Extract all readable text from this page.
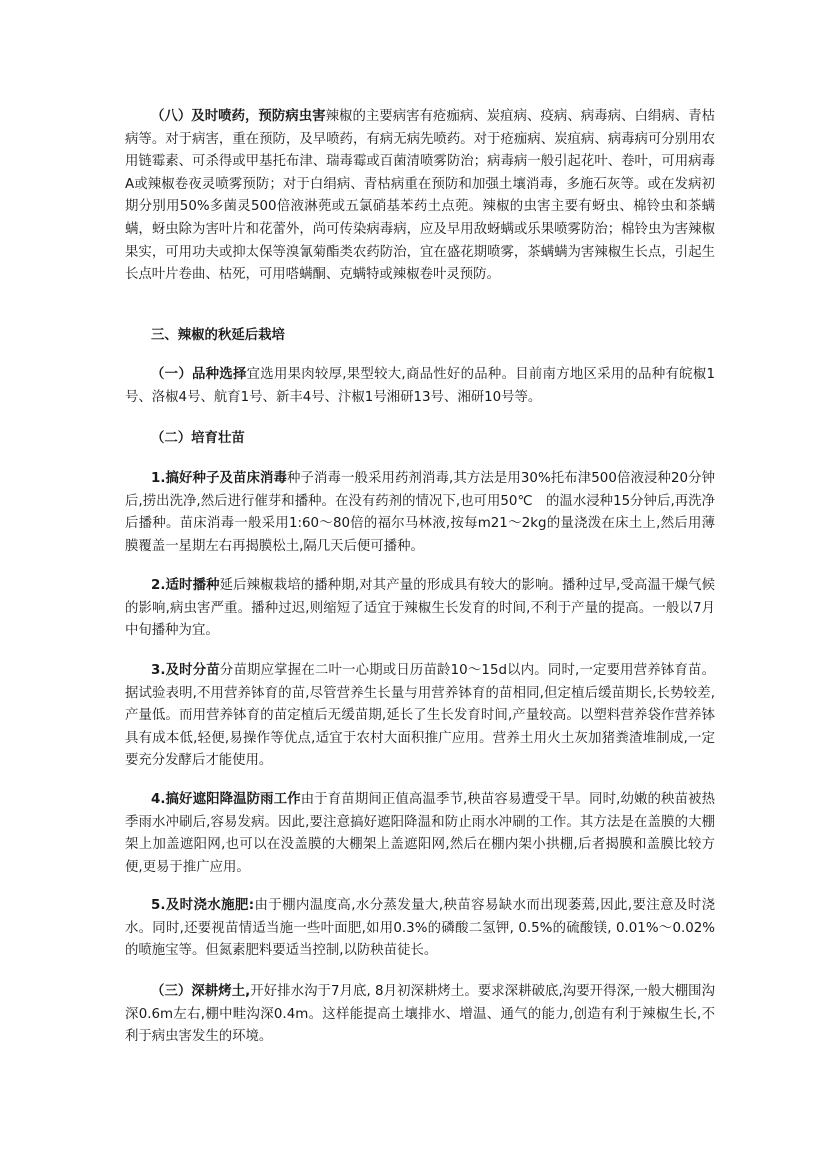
（八）及时喷药，预防病虫害辣椒的主要病害有疮痂病、炭疽病、疫病、病毒病、白绢病、青枯病等。对于病害，重在预防，及早喷药，有病无病先喷药。对于疮痂病、炭疽病、病毒病可分别用农用链霉素、可杀得或甲基托布津、瑞毒霉或百菌清喷雾防治；病毒病一般引起花叶、卷叶，可用病毒A或辣椒卷夜灵喷雾预防；对于白绢病、青枯病重在预防和加强土壤消毒，多施石灰等。或在发病初期分别用50%多菌灵500倍液淋蔸或五氯硝基苯药土点蔸。辣椒的虫害主要有蚜虫、棉铃虫和茶螨螨，蚜虫除为害叶片和花蕾外，尚可传染病毒病，应及早用敌蚜螨或乐果喷雾防治；棉铃虫为害辣椒果实，可用功夫或抑太保等溴氰菊酯类农药防治，宜在盛花期喷雾，茶螨螨为害辣椒生长点，引起生长点叶片卷曲、枯死，可用嗒螨酮、克螨特或辣椒卷叶灵预防。

三、辣椒的秋延后栽培

（一）品种选择宜选用果肉较厚,果型较大,商品性好的品种。目前南方地区采用的品种有皖椒1号、洛椒4号、航育1号、新丰4号、汴椒1号湘研13号、湘研10号等。

（二）培育壮苗

1.搞好种子及苗床消毒种子消毒一般采用药剂消毒,其方法是用30%托布津500倍液浸种20分钟后,捞出洗净,然后进行催芽和播种。在没有药剂的情况下,也可用50℃　的温水浸种15分钟后,再洗净后播种。苗床消毒一般采用1:60～80倍的福尔马林液,按每m21～2kg的量浇泼在床土上,然后用薄膜覆盖一星期左右再揭膜松土,隔几天后便可播种。

2.适时播种延后辣椒栽培的播种期,对其产量的形成具有较大的影响。播种过早,受高温干燥气候的影响,病虫害严重。播种过迟,则缩短了适宜于辣椒生长发育的时间,不利于产量的提高。一般以7月中旬播种为宜。

3.及时分苗分苗期应掌握在二叶一心期或日历苗龄10～15d以内。同时,一定要用营养钵育苗。据试验表明,不用营养钵育的苗,尽管营养生长量与用营养钵育的苗相同,但定植后缓苗期长,长势较差,产量低。而用营养钵育的苗定植后无缓苗期,延长了生长发育时间,产量较高。以塑料营养袋作营养钵具有成本低,轻便,易操作等优点,适宜于农村大面积推广应用。营养土用火土灰加猪粪渣堆制成,一定要充分发酵后才能使用。

4.搞好遮阳降温防雨工作由于育苗期间正值高温季节,秧苗容易遭受干旱。同时,幼嫩的秧苗被热季雨水冲刷后,容易发病。因此,要注意搞好遮阳降温和防止雨水冲刷的工作。其方法是在盖膜的大棚架上加盖遮阳网,也可以在没盖膜的大棚架上盖遮阳网,然后在棚内架小拱棚,后者揭膜和盖膜比较方便,更易于推广应用。

5.及时浇水施肥:由于棚内温度高,水分蒸发量大,秧苗容易缺水而出现萎蔫,因此,要注意及时浇水。同时,还要视苗情适当施一些叶面肥,如用0.3%的磷酸二氢钾, 0.5%的硫酸镁, 0.01%～0.02%的喷施宝等。但氮素肥料要适当控制,以防秧苗徒长。

（三）深耕烤土,开好排水沟于7月底, 8月初深耕烤土。要求深耕破底,沟要开得深,一般大棚围沟深0.6m左右,棚中畦沟深0.4m。这样能提高土壤排水、增温、通气的能力,创造有利于辣椒生长,不利于病虫害发生的环境。
